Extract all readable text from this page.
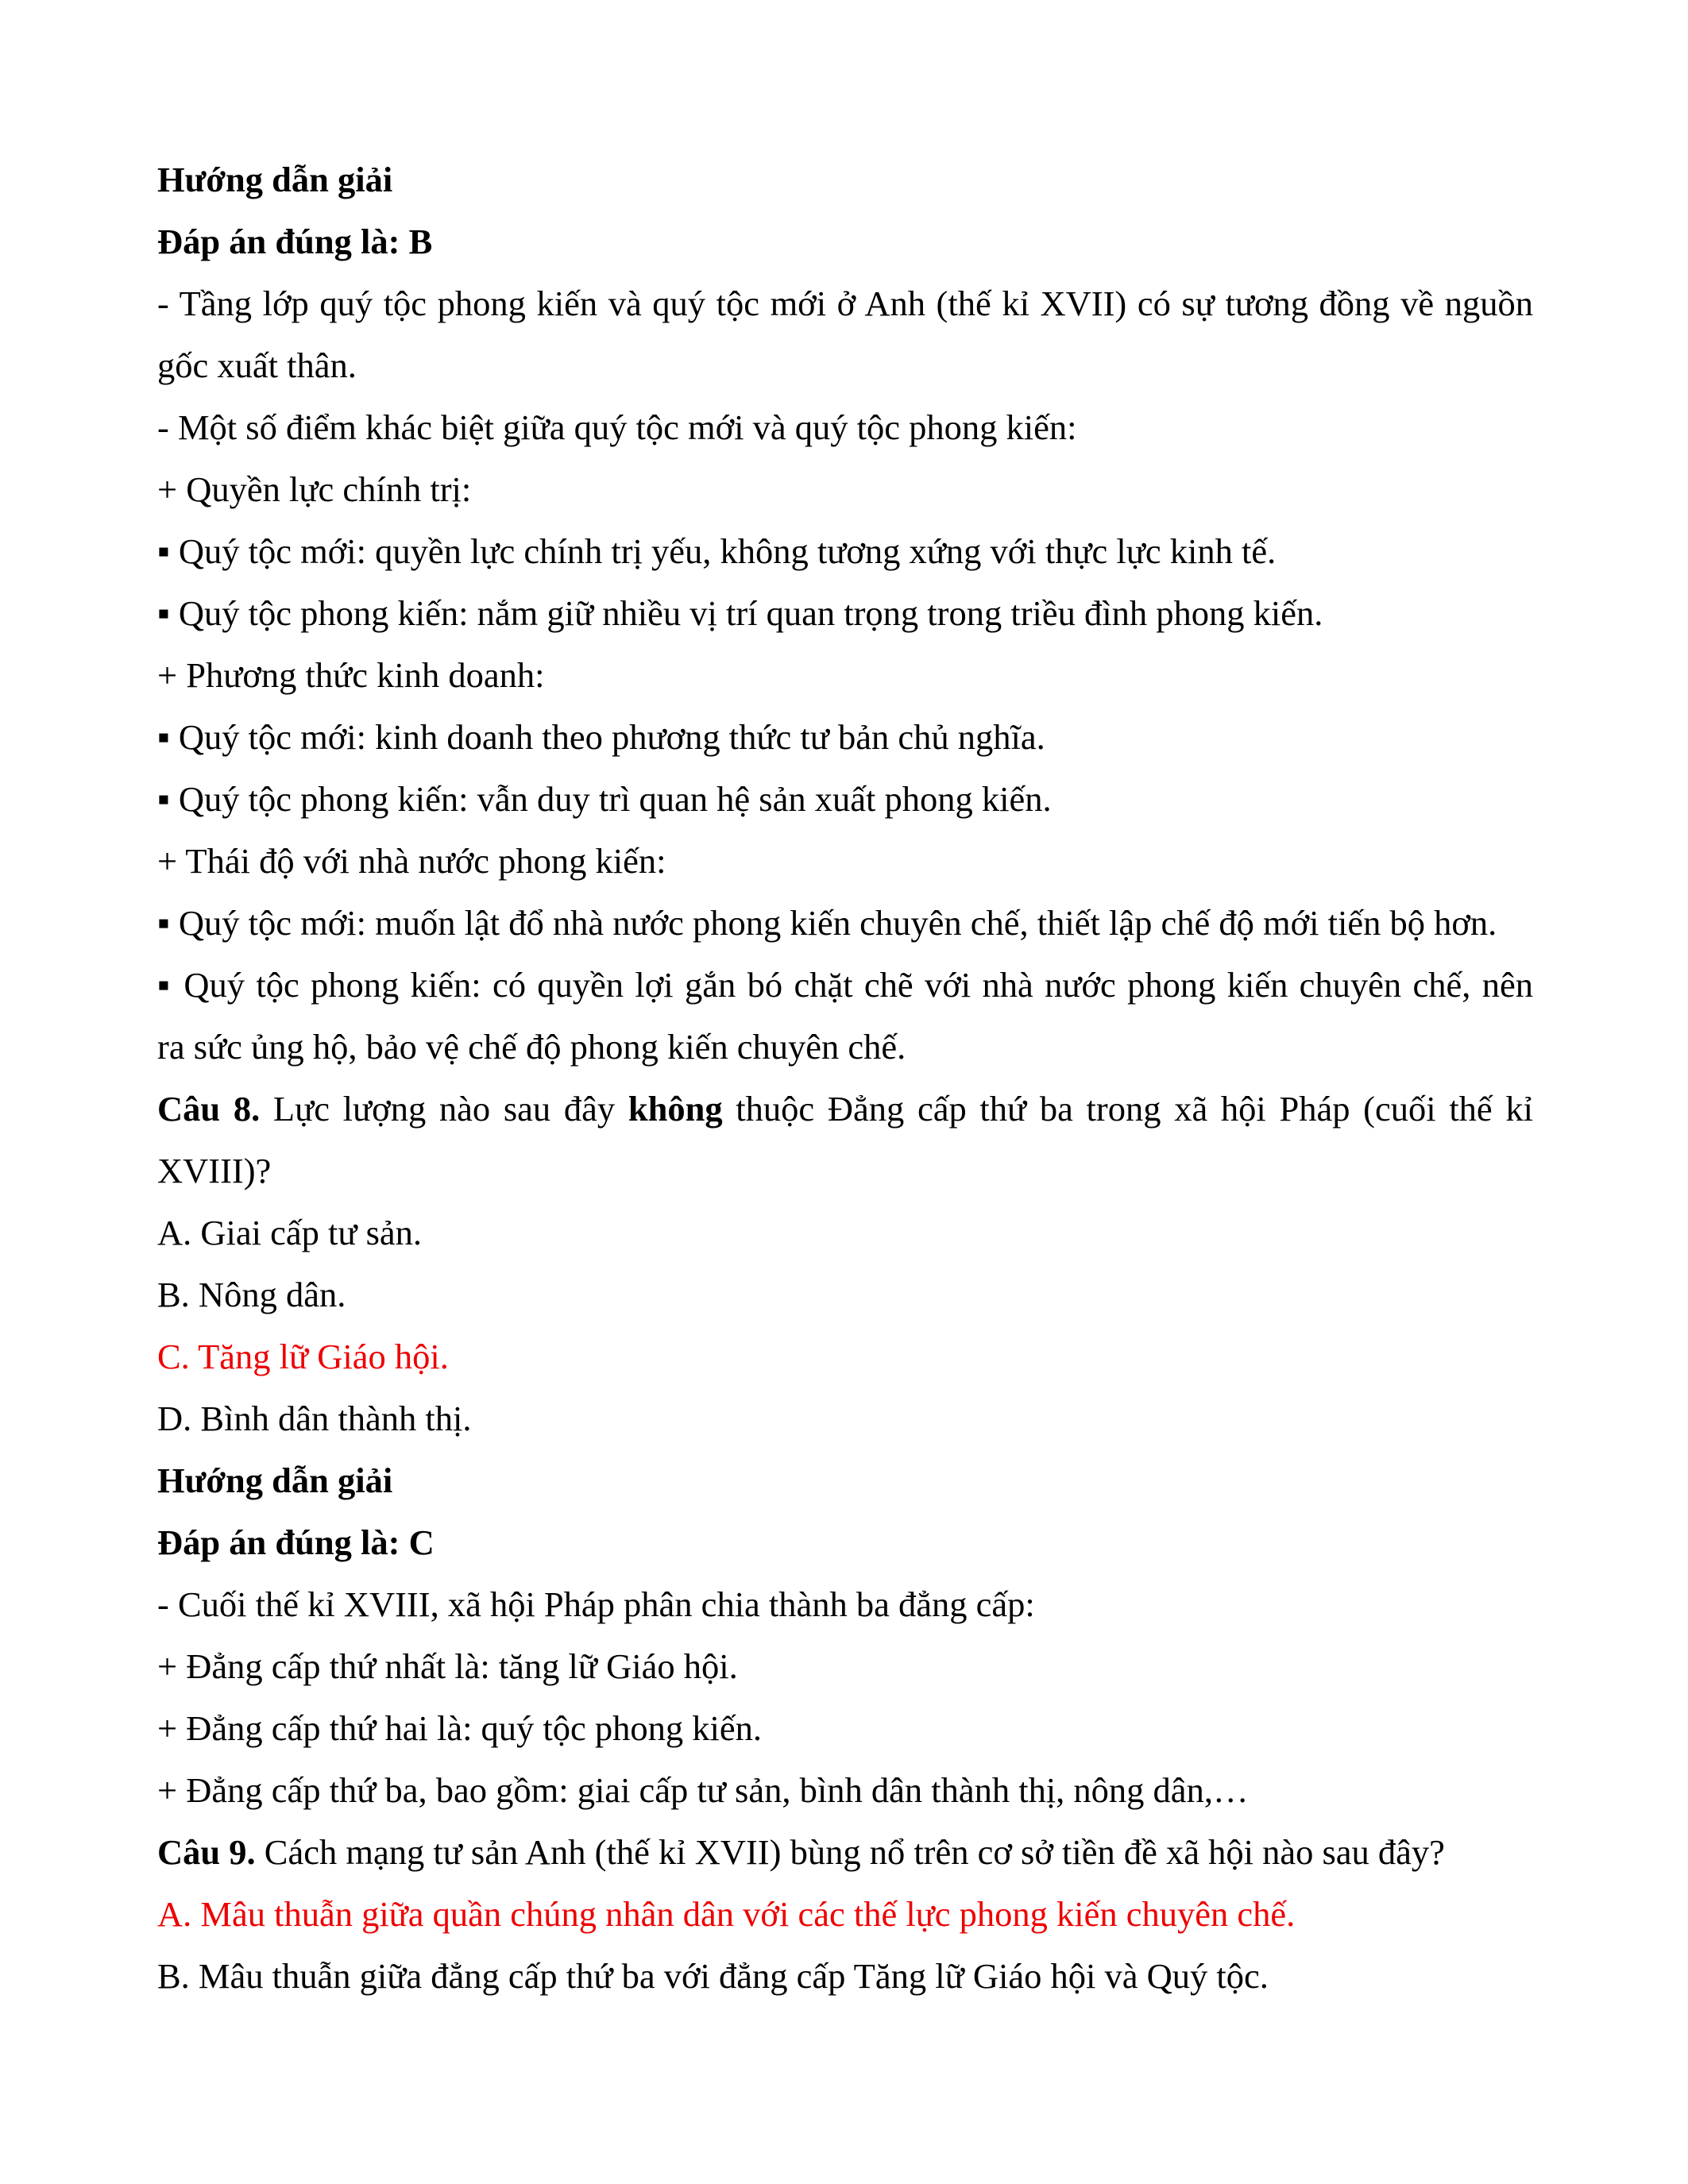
Hướng dẫn giải
Đáp án đúng là: B
- Tầng lớp quý tộc phong kiến và quý tộc mới ở Anh (thế kỉ XVII) có sự tương đồng về nguồn
gốc xuất thân.
- Một số điểm khác biệt giữa quý tộc mới và quý tộc phong kiến:
+ Quyền lực chính trị:
▪ Quý tộc mới: quyền lực chính trị yếu, không tương xứng với thực lực kinh tế.
▪ Quý tộc phong kiến: nắm giữ nhiều vị trí quan trọng trong triều đình phong kiến.
+ Phương thức kinh doanh:
▪ Quý tộc mới: kinh doanh theo phương thức tư bản chủ nghĩa.
▪ Quý tộc phong kiến: vẫn duy trì quan hệ sản xuất phong kiến.
+ Thái độ với nhà nước phong kiến:
▪ Quý tộc mới: muốn lật đổ nhà nước phong kiến chuyên chế, thiết lập chế độ mới tiến bộ hơn.
▪ Quý tộc phong kiến: có quyền lợi gắn bó chặt chẽ với nhà nước phong kiến chuyên chế, nên
ra sức ủng hộ, bảo vệ chế độ phong kiến chuyên chế.
Câu 8. Lực lượng nào sau đây không thuộc Đẳng cấp thứ ba trong xã hội Pháp (cuối thế kỉ
XVIII)?
A. Giai cấp tư sản.
B. Nông dân.
C. Tăng lữ Giáo hội.
D. Bình dân thành thị.
Hướng dẫn giải
Đáp án đúng là: C
- Cuối thế kỉ XVIII, xã hội Pháp phân chia thành ba đẳng cấp:
+ Đẳng cấp thứ nhất là: tăng lữ Giáo hội.
+ Đẳng cấp thứ hai là: quý tộc phong kiến.
+ Đẳng cấp thứ ba, bao gồm: giai cấp tư sản, bình dân thành thị, nông dân,…
Câu 9. Cách mạng tư sản Anh (thế kỉ XVII) bùng nổ trên cơ sở tiền đề xã hội nào sau đây?
A. Mâu thuẫn giữa quần chúng nhân dân với các thế lực phong kiến chuyên chế.
B. Mâu thuẫn giữa đẳng cấp thứ ba với đẳng cấp Tăng lữ Giáo hội và Quý tộc.
